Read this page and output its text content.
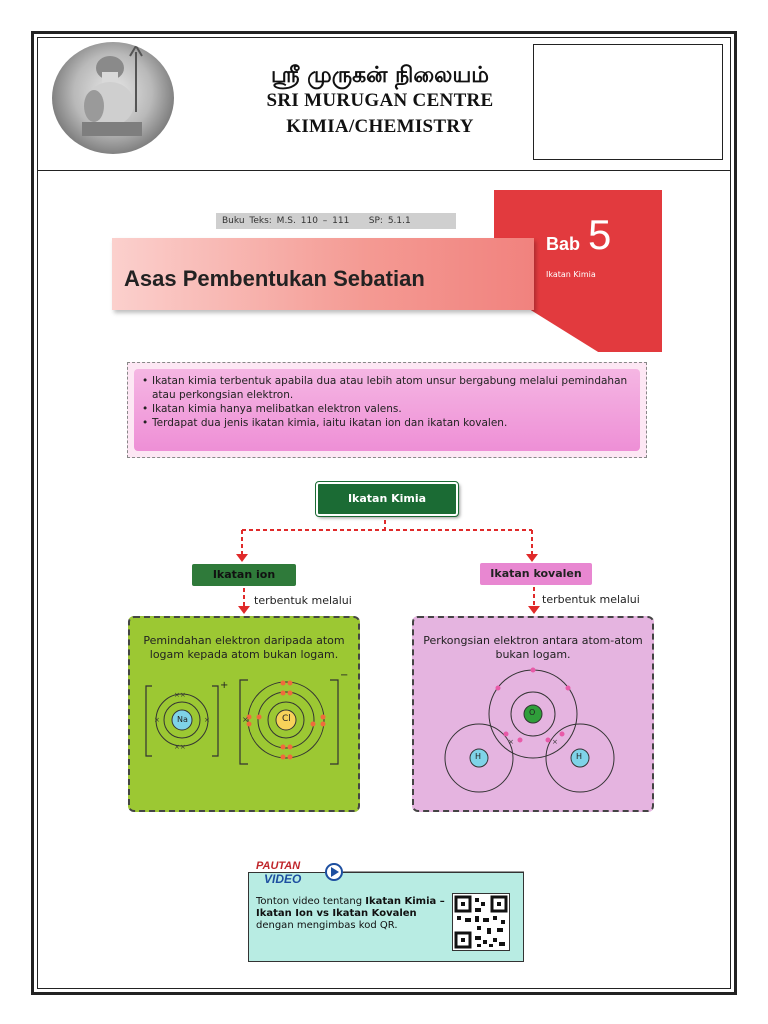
ஸ்ரீ முருகன் நிலையம்
SRI MURUGAN CENTRE
KIMIA/CHEMISTRY
Buku Teks: M.S. 110 – 111 SP: 5.1.1
Asas Pembentukan Sebatian
Bab 5
Ikatan Kimia
• Ikatan kimia terbentuk apabila dua atau lebih atom unsur bergabung melalui pemindahan atau perkongsian elektron.
• Ikatan kimia hanya melibatkan elektron valens.
• Terdapat dua jenis ikatan kimia, iaitu ikatan ion dan ikatan kovalen.
Ikatan Kimia
Ikatan ion	Ikatan kovalen
terbentuk melalui	terbentuk melalui
Pemindahan elektron daripada atom logam kepada atom bukan logam.
××
××
×	×	×
Na	Cl
+
−
Perkongsian elektron antara atom-atom bukan logam.
×	×
O
H	H
PAUTAN
VIDEO
Tonton video tentang Ikatan Kimia – Ikatan Ion vs Ikatan Kovalen dengan mengimbas kod QR.
